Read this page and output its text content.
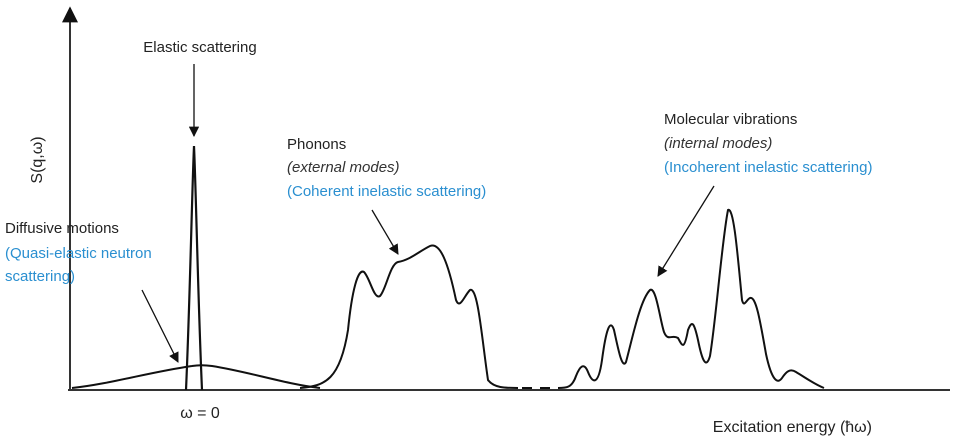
S(q,ω)
Excitation energy (ħω)
ω = 0
Elastic scattering
Diffusive motions
(Quasi-elastic neutron
scattering)
Phonons
(external modes)
(Coherent inelastic scattering)
Molecular vibrations
(internal modes)
(Incoherent inelastic scattering)
